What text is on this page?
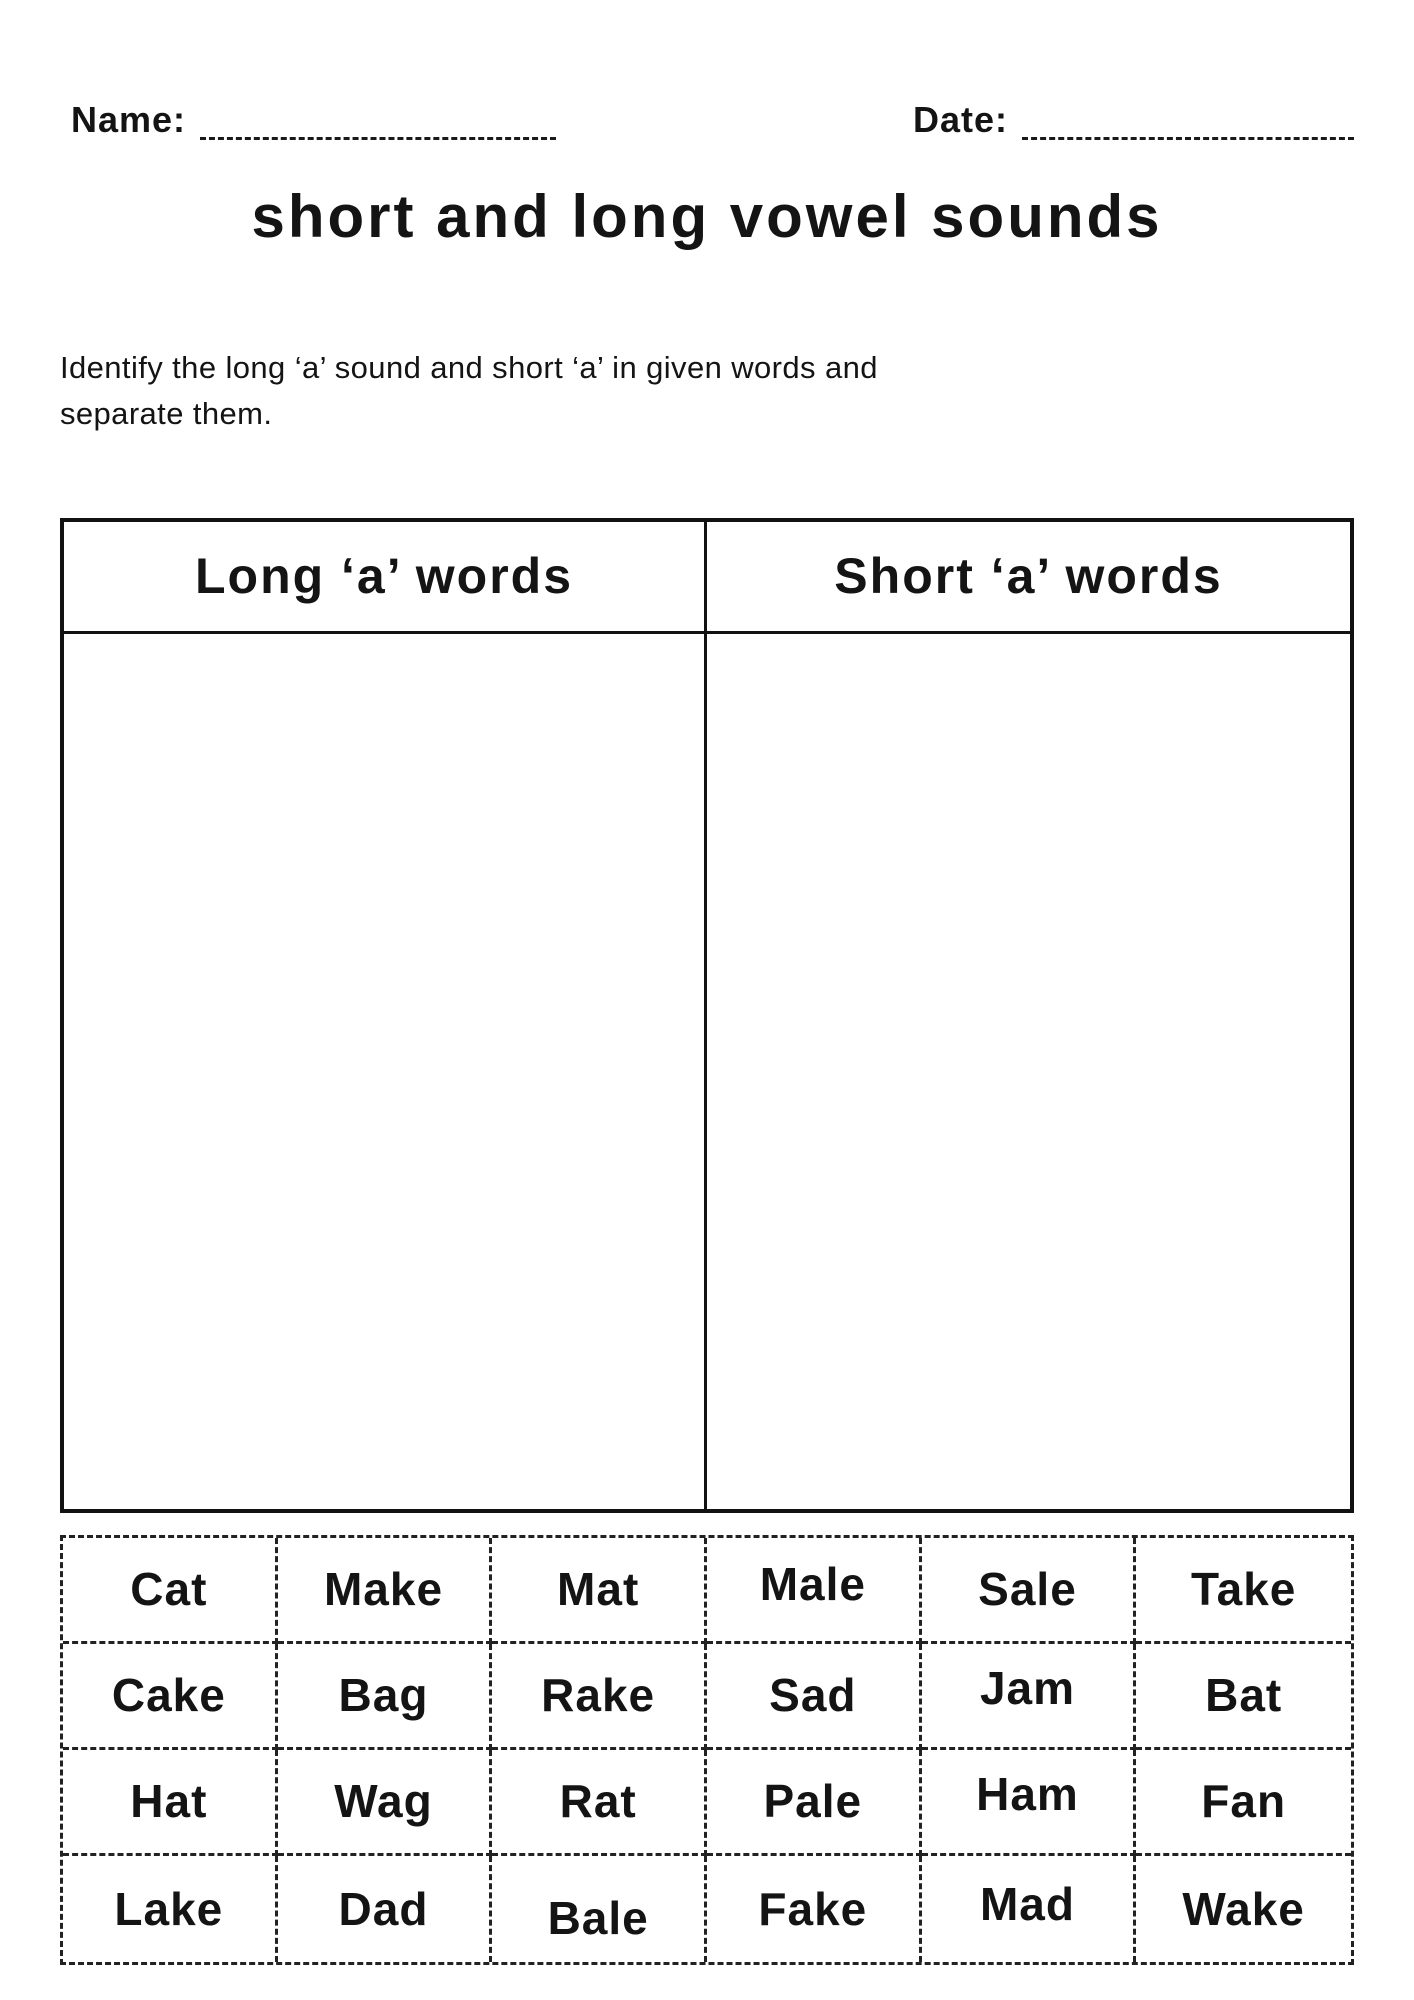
Name:	Date:
short and long vowel sounds

Identify the long ‘a’ sound and short ‘a’ in given words and
separate them.

Long ‘a’ words	Short ‘a’ words
Cat	Make	Mat	Male	Sale	Take
Cake	Bag	Rake	Sad	Jam	Bat
Hat	Wag	Rat	Pale	Ham	Fan
Lake	Dad	Bale	Fake	Mad	Wake
